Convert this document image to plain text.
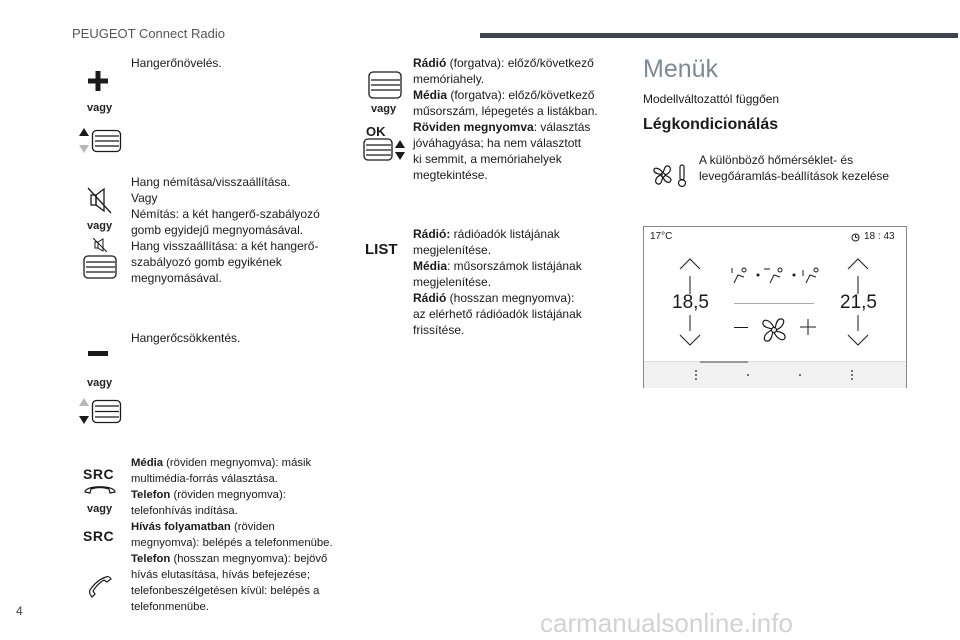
PEUGEOT Connect Radio
vagy
Hangerőnövelés.
vagy
Hang némítása/visszaállítása.
Vagy
Némítás: a két hangerő-szabályozó
gomb egyidejű megnyomásával.
Hang visszaállítása: a két hangerő-
szabályozó gomb egyikének
megnyomásával.
vagy
Hangerőcsökkentés.
SRC
vagy
SRC
Média (röviden megnyomva): másik
multimédia-forrás választása.
Telefon (röviden megnyomva):
telefonhívás indítása.
Hívás folyamatban (röviden
megnyomva): belépés a telefonmenübe.
Telefon (hosszan megnyomva): bejövő
hívás elutasítása, hívás befejezése;
telefonbeszélgetésen kívül: belépés a
telefonmenübe.
vagy
OK
Rádió (forgatva): előző/következő
memóriahely.
Média (forgatva): előző/következő
műsorszám, lépegetés a listákban.
Röviden megnyomva: választás
jóváhagyása; ha nem választott
ki semmit, a memóriahelyek
megtekintése.
LIST
Rádió: rádióadók listájának
megjelenítése.
Média: műsorszámok listájának
megjelenítése.
Rádió (hosszan megnyomva):
az elérhető rádióadók listájának
frissítése.
Menük
Modellváltozattól függően
Légkondicionálás
A különböző hőmérséklet- és
levegőáramlás-beállítások kezelése
17°C	18 : 43
18,5	21,5
4	carmanualsonline.info
